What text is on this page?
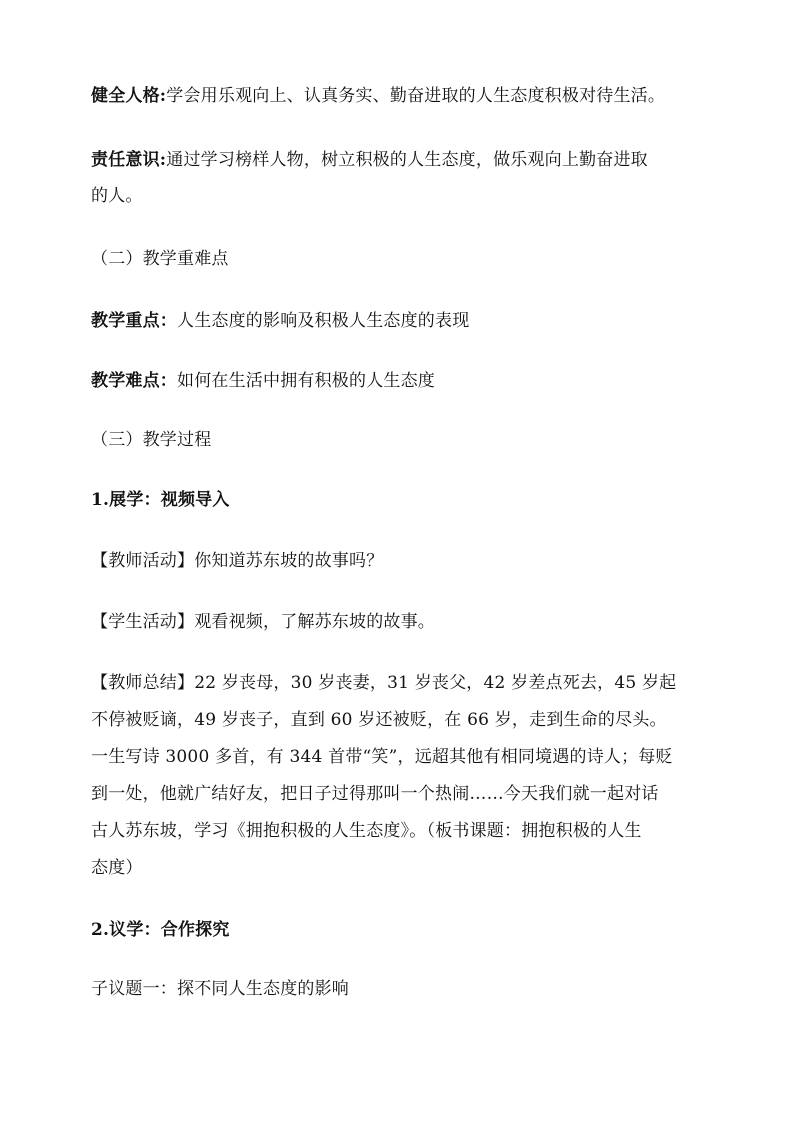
健全人格:学会用乐观向上、认真务实、勤奋进取的人生态度积极对待生活。
责任意识:通过学习榜样人物，树立积极的人生态度，做乐观向上勤奋进取
的人。
（二）教学重难点
教学重点：人生态度的影响及积极人生态度的表现
教学难点：如何在生活中拥有积极的人生态度
（三）教学过程
1.展学：视频导入
【教师活动】你知道苏东坡的故事吗？
【学生活动】观看视频，了解苏东坡的故事。
【教师总结】22 岁丧母，30 岁丧妻，31 岁丧父，42 岁差点死去，45 岁起
不停被贬谪，49 岁丧子，直到 60 岁还被贬，在 66 岁，走到生命的尽头。
一生写诗 3000 多首，有 344 首带“笑”，远超其他有相同境遇的诗人；每贬
到一处，他就广结好友，把日子过得那叫一个热闹……今天我们就一起对话
古人苏东坡，学习《拥抱积极的人生态度》。（板书课题：拥抱积极的人生
态度）
2.议学：合作探究
子议题一：探不同人生态度的影响
